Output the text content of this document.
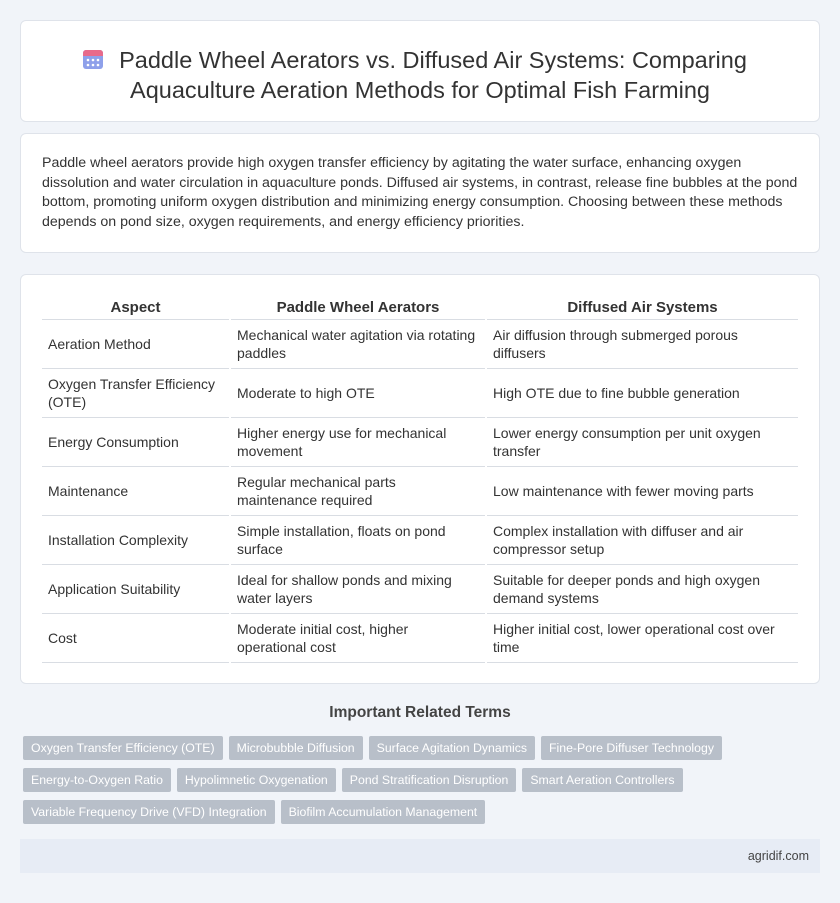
Paddle Wheel Aerators vs. Diffused Air Systems: Comparing
Aquaculture Aeration Methods for Optimal Fish Farming

Paddle wheel aerators provide high oxygen transfer efficiency by agitating the water surface, enhancing oxygen dissolution and water circulation in aquaculture ponds. Diffused air systems, in contrast, release fine bubbles at the pond bottom, promoting uniform oxygen distribution and minimizing energy consumption. Choosing between these methods depends on pond size, oxygen requirements, and energy efficiency priorities.

Aspect	Paddle Wheel Aerators	Diffused Air Systems
Aeration Method	Mechanical water agitation via rotating paddles	Air diffusion through submerged porous diffusers
Oxygen Transfer Efficiency (OTE)	Moderate to high OTE	High OTE due to fine bubble generation
Energy Consumption	Higher energy use for mechanical movement	Lower energy consumption per unit oxygen transfer
Maintenance	Regular mechanical parts maintenance required	Low maintenance with fewer moving parts
Installation Complexity	Simple installation, floats on pond surface	Complex installation with diffuser and air compressor setup
Application Suitability	Ideal for shallow ponds and mixing water layers	Suitable for deeper ponds and high oxygen demand systems
Cost	Moderate initial cost, higher operational cost	Higher initial cost, lower operational cost over time
Important Related Terms
Oxygen Transfer Efficiency (OTE)	Microbubble Diffusion	Surface Agitation Dynamics	Fine-Pore Diffuser Technology
Energy-to-Oxygen Ratio	Hypolimnetic Oxygenation	Pond Stratification Disruption	Smart Aeration Controllers
Variable Frequency Drive (VFD) Integration	Biofilm Accumulation Management
agridif.com
